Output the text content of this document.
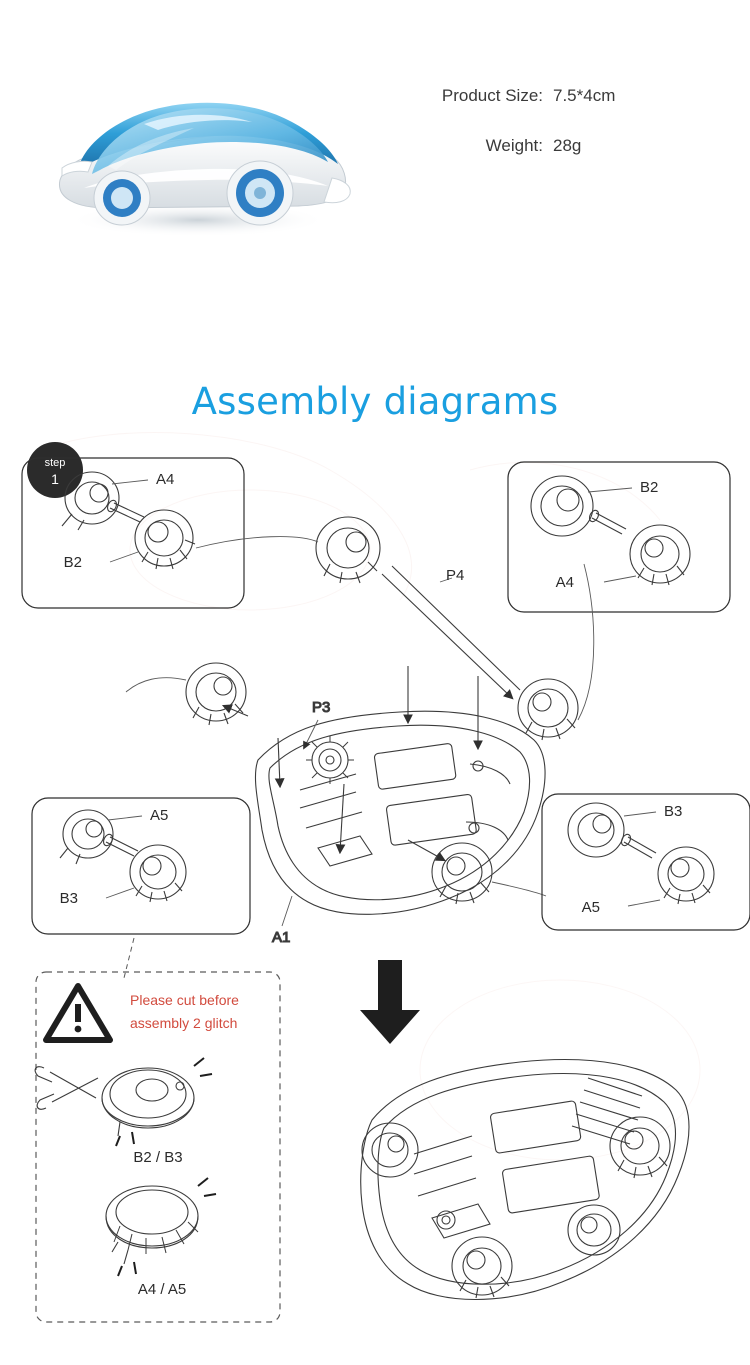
Product Size: 7.5*4cm
Weight: 28g
Assembly diagrams
step
1	A4
B2
B2
A4
P4
P3
A1
A5
B3
B3
A5
Please cut before
assembly 2 glitch
B2 / B3
A4 / A5
